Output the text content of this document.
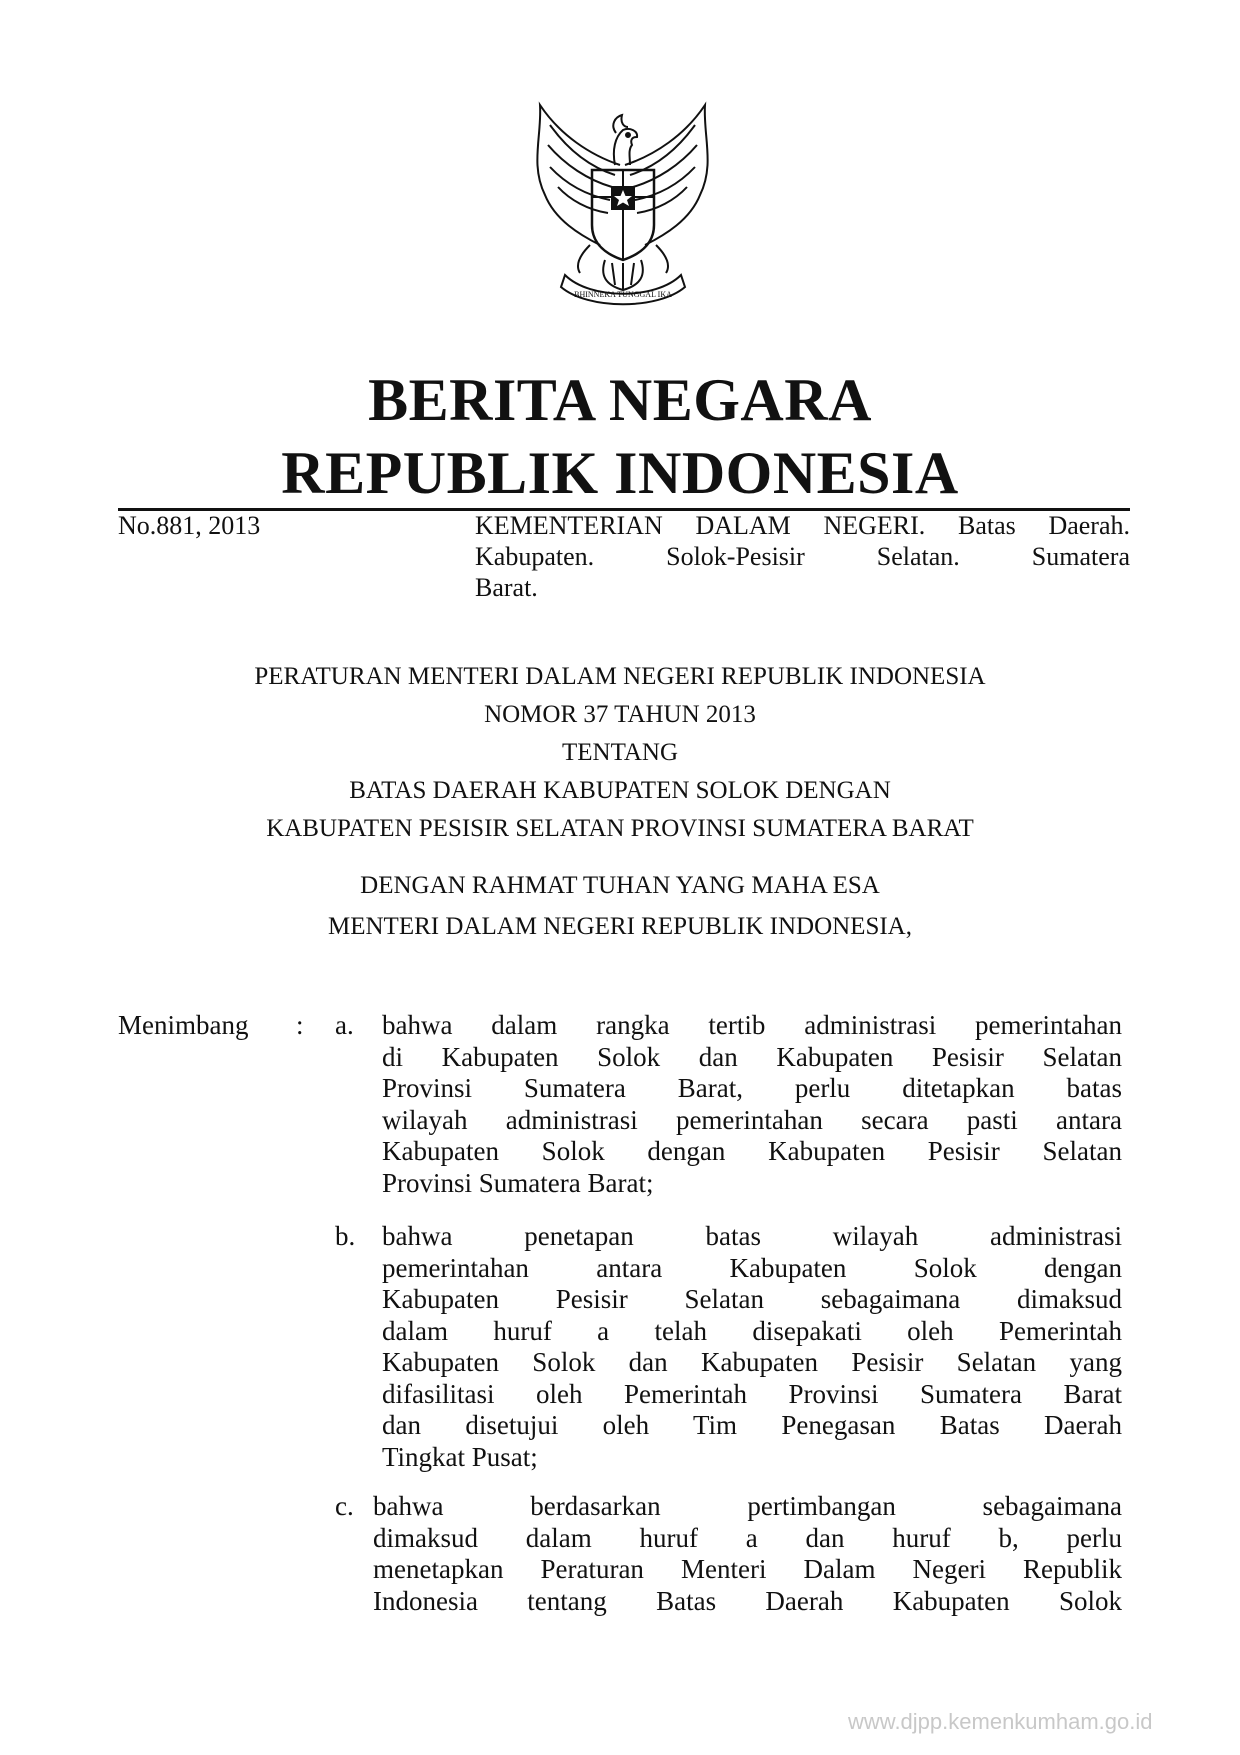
BHINNEKA TUNGGAL IKA
BERITA NEGARA
REPUBLIK INDONESIA
No.881, 2013	KEMENTERIAN DALAM NEGERI. Batas Daerah.
Kabupaten. Solok-Pesisir Selatan. Sumatera
Barat.
PERATURAN MENTERI DALAM NEGERI REPUBLIK INDONESIA
NOMOR 37 TAHUN 2013
TENTANG
BATAS DAERAH KABUPATEN SOLOK DENGAN
KABUPATEN PESISIR SELATAN PROVINSI SUMATERA BARAT
DENGAN RAHMAT TUHAN YANG MAHA ESA
MENTERI DALAM NEGERI REPUBLIK INDONESIA,
Menimbang : a. bahwa dalam rangka tertib administrasi pemerintahan
di Kabupaten Solok dan Kabupaten Pesisir Selatan
Provinsi Sumatera Barat, perlu ditetapkan batas
wilayah administrasi pemerintahan secara pasti antara
Kabupaten Solok dengan Kabupaten Pesisir Selatan
Provinsi Sumatera Barat;
b. bahwa penetapan batas wilayah administrasi
pemerintahan antara Kabupaten Solok dengan
Kabupaten Pesisir Selatan sebagaimana dimaksud
dalam huruf a telah disepakati oleh Pemerintah
Kabupaten Solok dan Kabupaten Pesisir Selatan yang
difasilitasi oleh Pemerintah Provinsi Sumatera Barat
dan disetujui oleh Tim Penegasan Batas Daerah
Tingkat Pusat;
c. bahwa berdasarkan pertimbangan sebagaimana
dimaksud dalam huruf a dan huruf b, perlu
menetapkan Peraturan Menteri Dalam Negeri Republik
Indonesia tentang Batas Daerah Kabupaten Solok
www.djpp.kemenkumham.go.id
